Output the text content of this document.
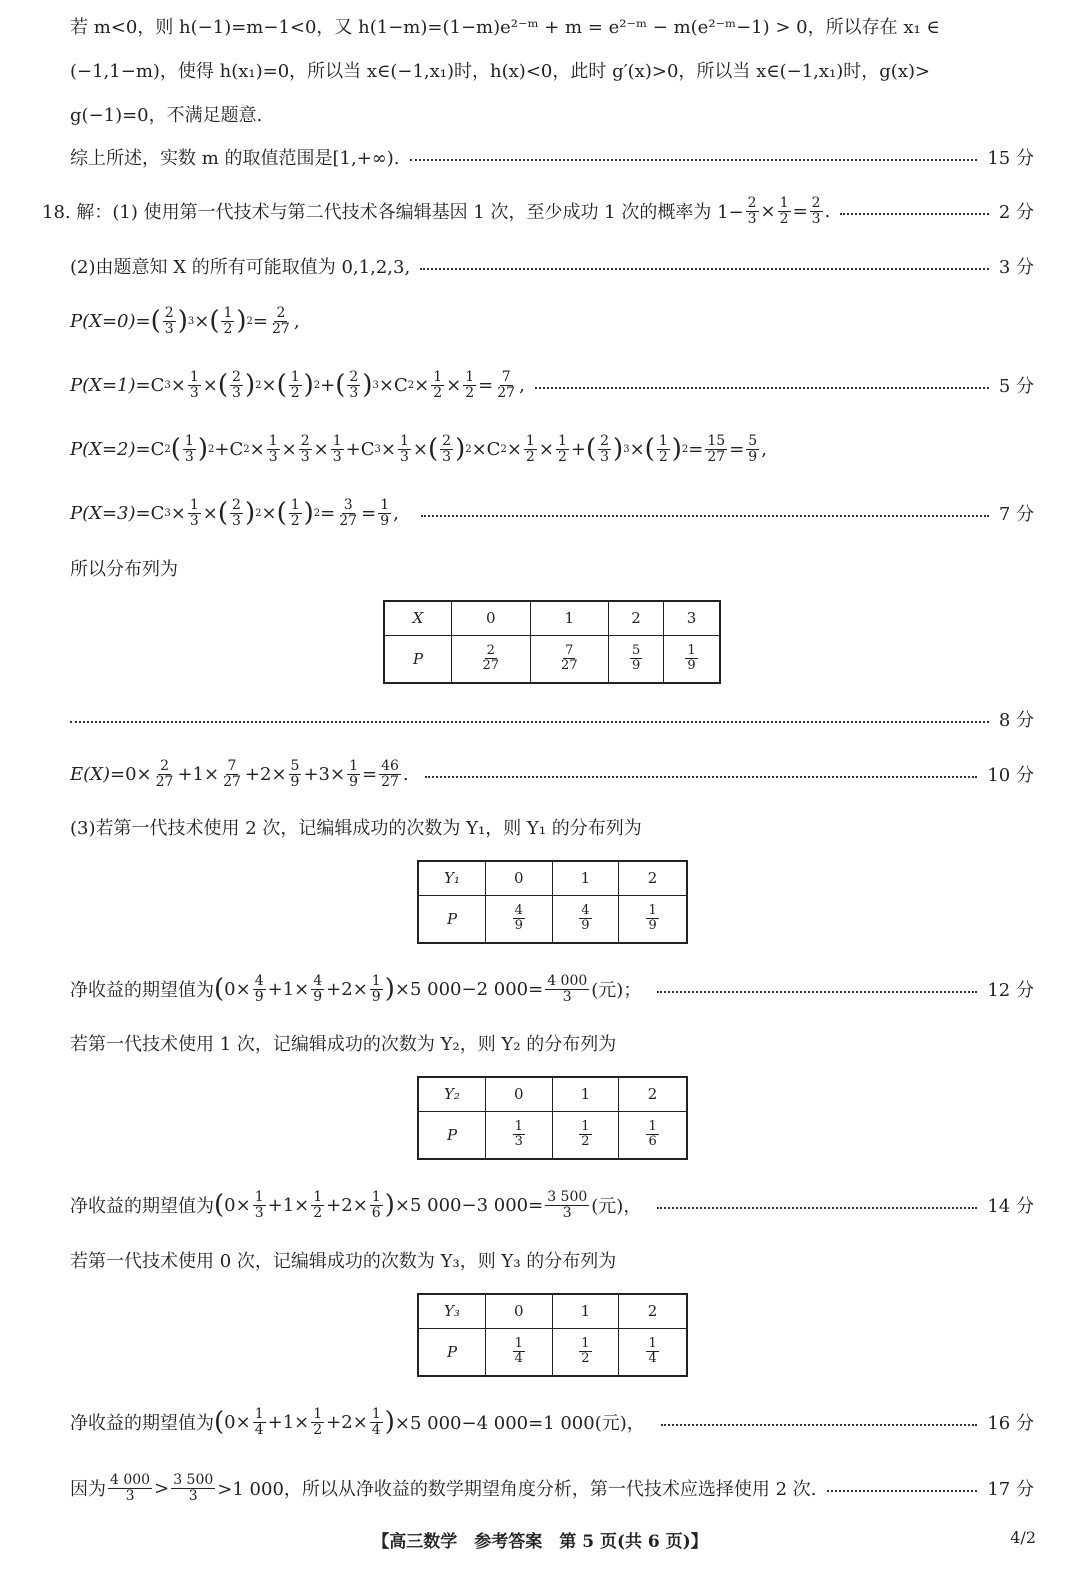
若 m<0，则 h(−1)=m−1<0，又 h(1−m)=(1−m)e²⁻ᵐ + m = e²⁻ᵐ − m(e²⁻ᵐ−1) > 0，所以存在 x₁ ∈
(−1,1−m)，使得 h(x₁)=0，所以当 x∈(−1,x₁)时，h(x)<0，此时 g′(x)>0，所以当 x∈(−1,x₁)时，g(x)>
g(−1)=0，不满足题意.
综上所述，实数 m 的取值范围是[1,+∞).	15 分
18. 解：(1) 使用第一代技术与第二代技术各编辑基因 1 次，至少成功 1 次的概率为 $1- \frac{2}{3} \times \frac{1}{2} = \frac{2}{3}$ .	2 分
(2)由题意知 X 的所有可能取值为 0,1,2,3,	3 分
P(X=0) = ( $\frac{2}{3}$ ) 3 × ( $\frac{1}{2}$ ) $2 = \frac{2}{27}$ ,
P(X=1) =C $3 \times \frac{1}{3}$ × ( $\frac{2}{3}$ ) 2 × ( $\frac{1}{2}$ ) 2 + ( $\frac{2}{3}$ ) 3 ×C $2 \times \frac{1}{2} \times \frac{1}{2} = \frac{7}{27}$ ,	5 分
P(X=2) =C 2 ( $\frac{1}{3}$ ) 2 +C $2 \times \frac{1}{3} \times \frac{2}{3} \times \frac{1}{3} +C$ $3 \times \frac{1}{3}$ × ( $\frac{2}{3}$ ) 2 ×C $2 \times \frac{1}{2} \times \frac{1}{2}$ + ( $\frac{2}{3}$ ) 3 × ( $\frac{1}{2}$ ) $2 = \frac{15}{27} = \frac{5}{9}$ ,
P(X=3) =C $3 \times \frac{1}{3}$ × ( $\frac{2}{3}$ ) 2 × ( $\frac{1}{2}$ ) $2 = \frac{3}{27} = \frac{1}{9}$ ,	7 分
所以分布列为
X	0	1	2	3
P	$\frac{2}{27}$	$\frac{7}{27}$	$\frac{5}{9}$	$\frac{1}{9}$
8 分
$E(X) =0\times \frac{2}{27} +1\times \frac{7}{27} +2\times \frac{5}{9} +3\times \frac{1}{9} = \frac{46}{27}$ .	10 分
(3)若第一代技术使用 2 次，记编辑成功的次数为 Y₁，则 Y₁ 的分布列为
Y₁	0	1	2
P	$\frac{4}{9}$	$\frac{4}{9}$	$\frac{1}{9}$
净收益的期望值为 ( $0\times \frac{4}{9} +1\times \frac{4}{9} +2\times \frac{1}{9}$ ) ×5 000−2 $000= \frac{4 000}{3}$ (元)；	12 分
若第一代技术使用 1 次，记编辑成功的次数为 Y₂，则 Y₂ 的分布列为
Y₂	0	1	2
P	$\frac{1}{3}$	$\frac{1}{2}$	$\frac{1}{6}$
净收益的期望值为 ( $0\times \frac{1}{3} +1\times \frac{1}{2} +2\times \frac{1}{6}$ ) ×5 000−3 $000= \frac{3 500}{3}$ (元)，	14 分
若第一代技术使用 0 次，记编辑成功的次数为 Y₃，则 Y₃ 的分布列为
Y₃	0	1	2
P	$\frac{1}{4}$	$\frac{1}{2}$	$\frac{1}{4}$
净收益的期望值为 ( $0\times \frac{1}{4} +1\times \frac{1}{2} +2\times \frac{1}{4}$ ) ×5 000−4 000=1 000(元)，	16 分
因为 $\frac{4 000}{3} > \frac{3 500}{3} >1$ 000，所以从净收益的数学期望角度分析，第一代技术应选择使用 2 次.	17 分
【高三数学　参考答案　第 5 页(共 6 页)】	4/2
